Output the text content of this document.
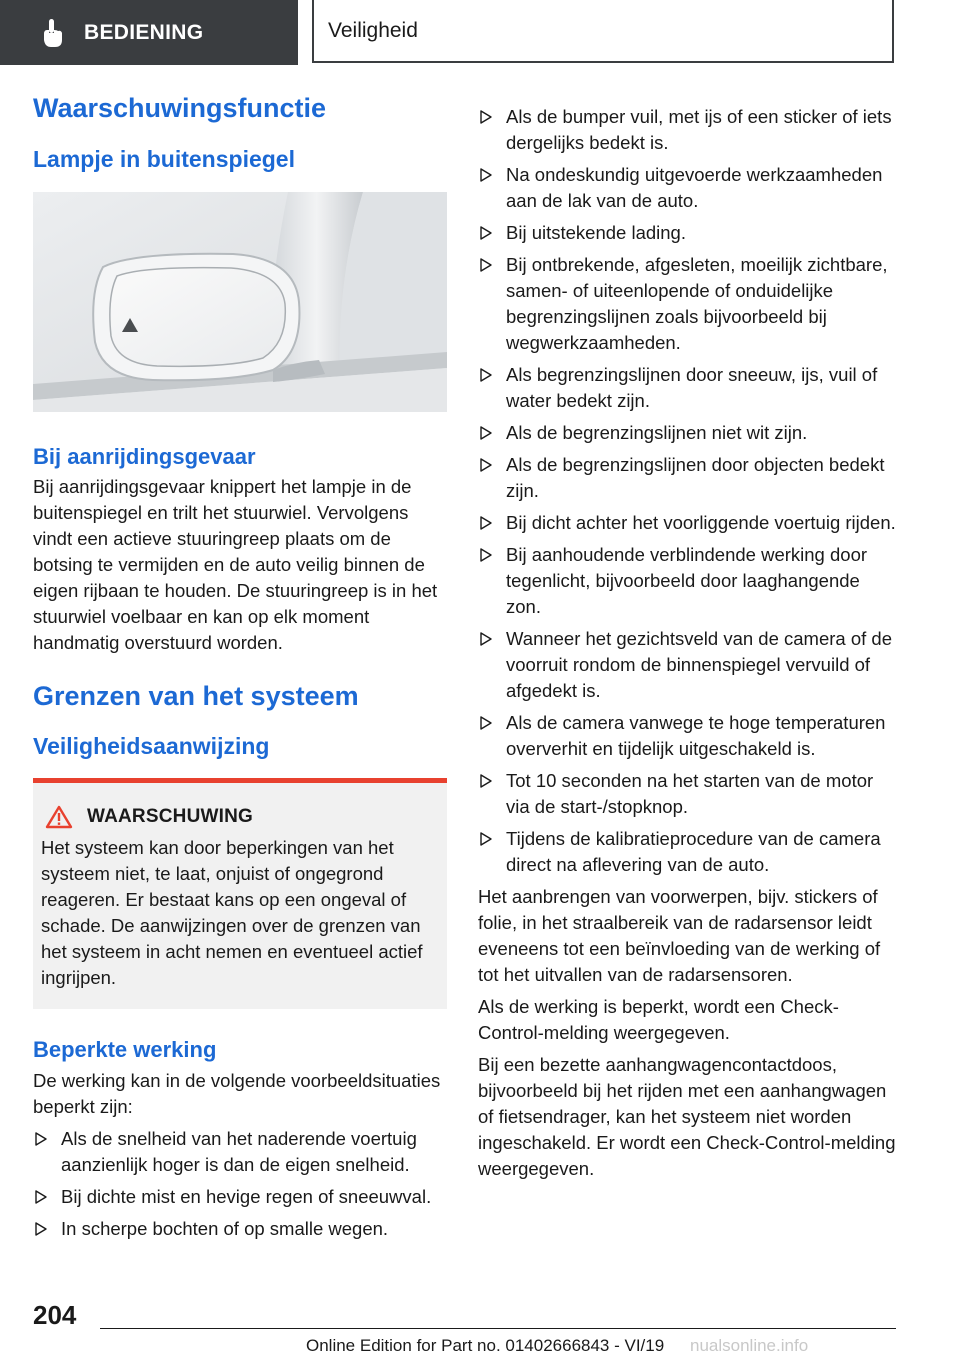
BEDIENING	Veiligheid
Waarschuwingsfunctie
Lampje in buitenspiegel
Bij aanrijdingsgevaar

Bij aanrijdingsgevaar knippert het lampje in de buitenspiegel en trilt het stuurwiel. Vervolgens vindt een actieve stuuringreep plaats om de botsing te vermijden en de auto veilig binnen de eigen rijbaan te houden. De stuuringreep is in het stuurwiel voelbaar en kan op elk moment handmatig overstuurd worden.

Grenzen van het systeem
Veiligheidsaanwijzing
WAARSCHUWING

Het systeem kan door beperkingen van het systeem niet, te laat, onjuist of ongegrond reageren. Er bestaat kans op een ongeval of schade. De aanwijzingen over de grenzen van het systeem in acht nemen en eventueel actief ingrijpen.

Beperkte werking

De werking kan in de volgende voorbeeldsituaties beperkt zijn:

Als de snelheid van het naderende voertuig aanzienlijk hoger is dan de eigen snelheid.
Bij dichte mist en hevige regen of sneeuwval.
In scherpe bochten of op smalle wegen.
Als de bumper vuil, met ijs of een sticker of iets dergelijks bedekt is.
Na ondeskundig uitgevoerde werkzaamheden aan de lak van de auto.
Bij uitstekende lading.
Bij ontbrekende, afgesleten, moeilijk zichtbare, samen- of uiteenlopende of onduidelijke begrenzingslijnen zoals bijvoorbeeld bij wegwerkzaamheden.
Als begrenzingslijnen door sneeuw, ijs, vuil of water bedekt zijn.
Als de begrenzingslijnen niet wit zijn.
Als de begrenzingslijnen door objecten bedekt zijn.
Bij dicht achter het voorliggende voertuig rijden.
Bij aanhoudende verblindende werking door tegenlicht, bijvoorbeeld door laaghangende zon.
Wanneer het gezichtsveld van de camera of de voorruit rondom de binnenspiegel vervuild of afgedekt is.
Als de camera vanwege te hoge temperaturen oververhit en tijdelijk uitgeschakeld is.
Tot 10 seconden na het starten van de motor via de start-/stopknop.
Tijdens de kalibratieprocedure van de camera direct na aflevering van de auto.

Het aanbrengen van voorwerpen, bijv. stickers of folie, in het straalbereik van de radarsensor leidt eveneens tot een beïnvloeding van de werking of tot het uitvallen van de radarsensoren.

Als de werking is beperkt, wordt een Check-Control-melding weergegeven.

Bij een bezette aanhangwagencontactdoos, bijvoorbeeld bij het rijden met een aanhangwagen of fietsendrager, kan het systeem niet worden ingeschakeld. Er wordt een Check-Control-melding weergegeven.

204
Online Edition for Part no. 01402666843 - VI/19 nualsonline.info
